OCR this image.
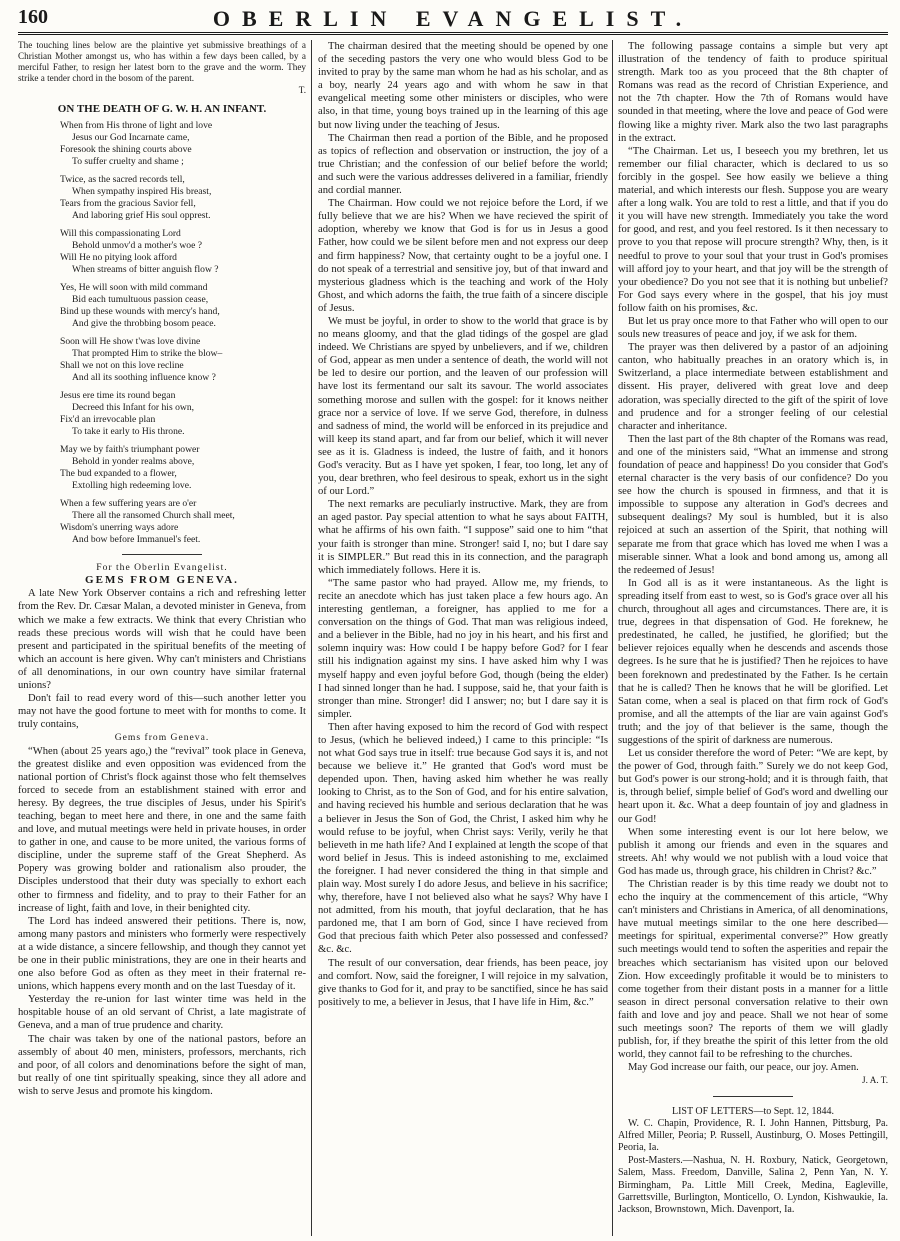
160	OBERLIN EVANGELIST.

The touching lines below are the plaintive yet submissive breathings of a Christian Mother amongst us, who has within a few days been called, by a merciful Father, to resign her latest born to the grave and the worm. They strike a tender chord in the bosom of the parent.

T.

ON THE DEATH OF G. W. H. AN INFANT.

When from His throne of light and love
Jesus our God Incarnate came,
Foresook the shining courts above
To suffer cruelty and shame ;
Twice, as the sacred records tell,
When sympathy inspired His breast,
Tears from the gracious Savior fell,
And laboring grief His soul opprest.
Will this compassionating Lord
Behold unmov'd a mother's woe ?
Will He no pitying look afford
When streams of bitter anguish flow ?
Yes, He will soon with mild command
Bid each tumultuous passion cease,
Bind up these wounds with mercy's hand,
And give the throbbing bosom peace.
Soon will He show t'was love divine
That prompted Him to strike the blow–
Shall we not on this love recline
And all its soothing influence know ?
Jesus ere time its round began
Decreed this Infant for his own,
Fix'd an irrevocable plan
To take it early to His throne.
May we by faith's triumphant power
Behold in yonder realms above,
The bud expanded to a flower,
Extolling high redeeming love.
When a few suffering years are o'er
There all the ransomed Church shall meet,
Wisdom's unerring ways adore
And bow before Immanuel's feet.

For the Oberlin Evangelist.

GEMS FROM GENEVA.

A late New York Observer contains a rich and refreshing letter from the Rev. Dr. Cæsar Malan, a devoted minister in Geneva, from which we make a few extracts. We think that every Christian who reads these precious words will wish that he could have been present and participated in the spiritual benefits of the meeting of which an account is here given. Why can't ministers and Christians of all denominations, in our own country have similar fraternal unions?

Don't fail to read every word of this—such another letter you may not have the good fortune to meet with for months to come. It truly contains,

Gems from Geneva.

“When (about 25 years ago,) the “revival” took place in Geneva, the greatest dislike and even opposition was evidenced from the national portion of Christ's flock against those who felt themselves forced to secede from an establishment stained with error and heresy. By degrees, the true disciples of Jesus, under his Spirit's teaching, began to meet here and there, in one and the same faith and love, and mutual meetings were held in private houses, in order to gather in one, and cause to be more united, the various forms of discipline, under the supreme staff of the Great Shepherd. As Popery was growing bolder and rationalism also prouder, the Disciples understood that their duty was specially to exhort each other to firmness and fidelity, and to pray to their Father for an increase of light, faith and love, in their benighted city.

The Lord has indeed answered their petitions. There is, now, among many pastors and ministers who formerly were respectively at a wide distance, a sincere fellowship, and though they cannot yet be one in their public ministrations, they are one in their hearts and one also before God as often as they meet in their fraternal re-unions, which happens every month and on the last Tuesday of it.

Yesterday the re-union for last winter time was held in the hospitable house of an old servant of Christ, a late magistrate of Geneva, and a man of true prudence and charity.

The chair was taken by one of the national pastors, before an assembly of about 40 men, ministers, professors, merchants, rich and poor, of all colors and denominations before the sight of man, but really of one tint spiritually speaking, since they all adore and wish to serve Jesus and promote his kingdom.

The chairman desired that the meeting should be opened by one of the seceding pastors the very one who would bless God to be invited to pray by the same man whom he had as his scholar, and as a boy, nearly 24 years ago and with whom he saw in that evangelical meeting some other ministers or disciples, who were also, in that time, young boys trained up in the learning of this age but now living under the teaching of Jesus.

The Chairman then read a portion of the Bible, and he proposed as topics of reflection and observation or instruction, the joy of a true Christian; and the confession of our belief before the world; and such were the various addresses delivered in a familiar, friendly and cordial manner.

The Chairman. How could we not rejoice before the Lord, if we fully believe that we are his? When we have recieved the spirit of adoption, whereby we know that God is for us in Jesus a good Father, how could we be silent before men and not express our deep and firm happiness? Now, that certainty ought to be a joyful one. I do not speak of a terrestrial and sensitive joy, but of that inward and mysterious gladness which is the teaching and work of the Holy Ghost, and which adorns the faith, the true faith of a sincere disciple of Jesus.

We must be joyful, in order to show to the world that grace is by no means gloomy, and that the glad tidings of the gospel are glad indeed. We Christians are spyed by unbelievers, and if we, children of God, appear as men under a sentence of death, the world will not be led to desire our portion, and the leaven of our profession will have lost its fermentand our salt its savour. The world associates something morose and sullen with the gospel: for it knows neither grace nor a service of love. If we serve God, therefore, in dulness and sadness of mind, the world will be enforced in its prejudice and will keep its stand apart, and far from our belief, which it will never see as it is. Gladness is indeed, the lustre of faith, and it honors God's veracity. But as I have yet spoken, I fear, too long, let any of you, dear brethren, who feel desirous to speak, exhort us in the sight of our Lord.”

The next remarks are peculiarly instructive. Mark, they are from an aged pastor. Pay special attention to what he says about FAITH, what he affirms of his own faith. “I suppose” said one to him “that your faith is stronger than mine. Stronger! said I, no; but I dare say it is SIMPLER.” But read this in its connection, and the paragraph which immediately follows. Here it is.

“The same pastor who had prayed. Allow me, my friends, to recite an anecdote which has just taken place a few hours ago. An interesting gentleman, a foreigner, has applied to me for a conversation on the things of God. That man was religious indeed, and a believer in the Bible, had no joy in his heart, and his first and solemn inquiry was: How could I be happy before God? for I fear still his indignation against my sins. I have asked him why I was myself happy and even joyful before God, though (being the elder) I had sinned longer than he had. I suppose, said he, that your faith is stronger than mine. Stronger! did I answer; no; but I dare say it is simpler.

Then after having exposed to him the record of God with respect to Jesus, (which he believed indeed,) I came to this principle: “Is not what God says true in itself: true because God says it is, and not because we believe it.” He granted that God's word must be depended upon. Then, having asked him whether he was really looking to Christ, as to the Son of God, and for his entire salvation, and having recieved his humble and serious declaration that he was a believer in Jesus the Son of God, the Christ, I asked him why he would refuse to be joyful, when Christ says: Verily, verily he that believeth in me hath life? And I explained at length the scope of that word belief in Jesus. This is indeed astonishing to me, exclaimed the foreigner. I had never considered the thing in that simple and plain way. Most surely I do adore Jesus, and believe in his sacrifice; why, therefore, have I not believed also what he says? Why have I not admitted, from his mouth, that joyful declaration, that he has pardoned me, that I am born of God, since I have recieved from God that precious faith which Peter also possessed and confessed? &c. &c.

The result of our conversation, dear friends, has been peace, joy and comfort. Now, said the foreigner, I will rejoice in my salvation, give thanks to God for it, and pray to be sanctified, since he has said positively to me, a believer in Jesus, that I have life in Him, &c.”

The following passage contains a simple but very apt illustration of the tendency of faith to produce spiritual strength. Mark too as you proceed that the 8th chapter of Romans was read as the record of Christian Experience, and not the 7th chapter. How the 7th of Romans would have sounded in that meeting, where the love and peace of God were flowing like a mighty river. Mark also the two last paragraphs in the extract.

“The Chairman. Let us, I beseech you my brethren, let us remember our filial character, which is declared to us so forcibly in the gospel. See how easily we believe a thing material, and which interests our flesh. Suppose you are weary after a long walk. You are told to rest a little, and that if you do it you will have new strength. Immediately you take the word for good, and rest, and you feel restored. Is it then necessary to prove to you that repose will procure strength? Why, then, is it needful to prove to your soul that your trust in God's promises will afford joy to your heart, and that joy will be the strength of your obedience? Do you not see that it is nothing but unbelief? For God says every where in the gospel, that his joy must follow faith on his promises, &c.

But let us pray once more to that Father who will open to our souls new treasures of peace and joy, if we ask for them.

The prayer was then delivered by a pastor of an adjoining canton, who habitually preaches in an oratory which is, in Switzerland, a place intermediate between establishment and dissent. His prayer, delivered with great love and deep adoration, was specially directed to the gift of the spirit of love and prudence and for a stronger feeling of our celestial character and inheritance.

Then the last part of the 8th chapter of the Romans was read, and one of the ministers said, “What an immense and strong foundation of peace and happiness! Do you consider that God's eternal character is the very basis of our confidence? Do you see how the church is spoused in firmness, and that it is impossible to suppose any alteration in God's decrees and subsequent dealings? My soul is humbled, but it is also rejoiced at such an assertion of the Spirit, that nothing will separate me from that grace which has loved me when I was a miserable sinner. What a look and bond among us, among all the redeemed of Jesus!

In God all is as it were instantaneous. As the light is spreading itself from east to west, so is God's grace over all his church, throughout all ages and circumstances. There are, it is true, degrees in that dispensation of God. He foreknew, he predestinated, he called, he justified, he glorified; but the believer rejoices equally when he descends and ascends those degrees. Is he sure that he is justified? Then he rejoices to have been foreknown and predestinated by the Father. Is he certain that he is called? Then he knows that he will be glorified. Let Satan come, when a seal is placed on that firm rock of God's promise, and all the attempts of the liar are vain against God's truth; and the joy of that believer is the same, though the suggestions of the spirit of darkness are numerous.

Let us consider therefore the word of Peter: “We are kept, by the power of God, through faith.” Surely we do not keep God, but God's power is our strong-hold; and it is through faith, that is, through belief, simple belief of God's word and dwelling our heart upon it. &c. What a deep fountain of joy and gladness in our God!

When some interesting event is our lot here below, we publish it among our friends and even in the squares and streets. Ah! why would we not publish with a loud voice that God has made us, through grace, his children in Christ? &c.”

The Christian reader is by this time ready we doubt not to echo the inquiry at the commencement of this article, “Why can't ministers and Christians in America, of all denominations, have mutual meetings similar to the one here described—meetings for spiritual, experimental converse?” How greatly such meetings would tend to soften the asperities and repair the breaches which sectarianism has visited upon our beloved Zion. How exceedingly profitable it would be to ministers to come together from their distant posts in a manner for a little season in direct personal conversation relative to their own faith and love and joy and peace. Shall we not hear of some such meetings soon? The reports of them we will gladly publish, for, if they breathe the spirit of this letter from the old world, they cannot fail to be refreshing to the churches.

May God increase our faith, our peace, our joy. Amen.

J. A. T.

LIST OF LETTERS—to Sept. 12, 1844.

W. C. Chapin, Providence, R. I. John Hannen, Pittsburg, Pa. Alfred Miller, Peoria; P. Russell, Austinburg, O. Moses Pettingill, Peoria, Ia.

Post-Masters.—Nashua, N. H. Roxbury, Natick, Georgetown, Salem, Mass. Freedom, Danville, Salina 2, Penn Yan, N. Y. Birmingham, Pa. Little Mill Creek, Medina, Eagleville, Garrettsville, Burlington, Monticello, O. Lyndon, Kishwaukie, Ia. Jackson, Brownstown, Mich. Davenport, Ia.
